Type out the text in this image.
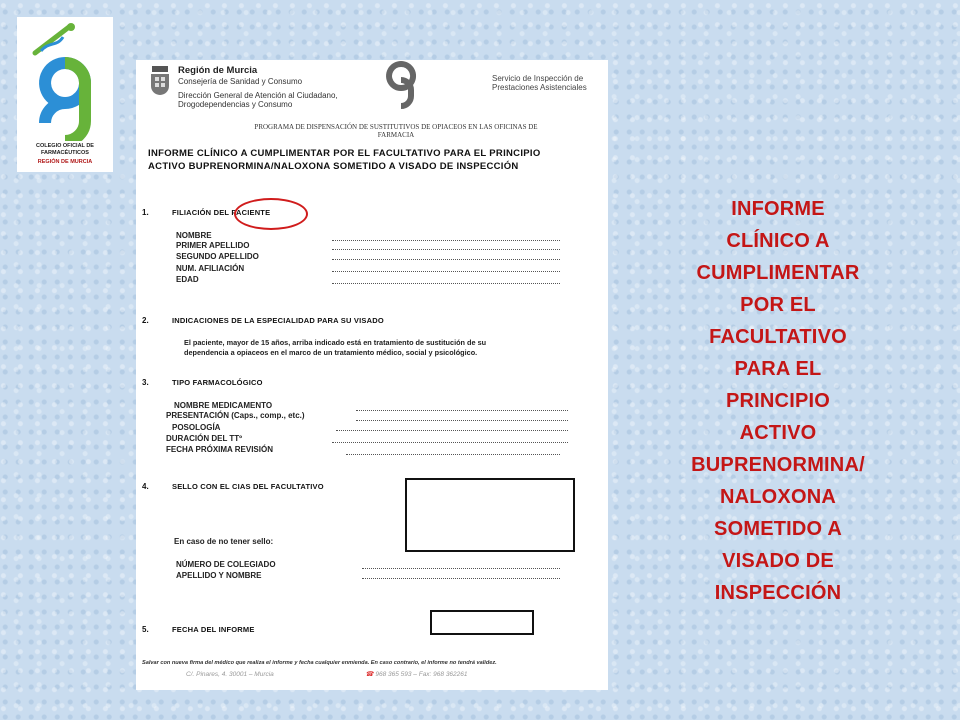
COLEGIO OFICIAL DE
FARMACÉUTICOS
REGIÓN DE MURCIA
Región de Murcia
Consejería de Sanidad y Consumo
Dirección General de Atención al Ciudadano,
Drogodependencias y Consumo
Servicio de Inspección de
Prestaciones Asistenciales
PROGRAMA DE DISPENSACIÓN DE SUSTITUTIVOS DE OPIACEOS EN LAS OFICINAS DE
FARMACIA
INFORME CLÍNICO A CUMPLIMENTAR POR EL FACULTATIVO PARA EL PRINCIPIO
ACTIVO BUPRENORMINA/NALOXONA SOMETIDO A VISADO DE INSPECCIÓN
1.	FILIACIÓN DEL PACIENTE
NOMBRE
PRIMER APELLIDO
SEGUNDO APELLIDO
NUM. AFILIACIÓN
EDAD
2.	INDICACIONES DE LA ESPECIALIDAD PARA SU VISADO
El paciente, mayor de 15 años, arriba indicado está en tratamiento de sustitución de su
dependencia a opiaceos en el marco de un tratamiento médico, social y psicológico.
3.	TIPO FARMACOLÓGICO
NOMBRE MEDICAMENTO
PRESENTACIÓN (Caps., comp., etc.)
POSOLOGÍA
DURACIÓN DEL TTº
FECHA PRÓXIMA REVISIÓN
4.	SELLO CON EL CIAS DEL FACULTATIVO
En caso de no tener sello:
NÚMERO DE COLEGIADO
APELLIDO Y NOMBRE
5.	FECHA DEL INFORME
Salvar con nueva firma del médico que realiza el informe y fecha cualquier enmienda. En caso contrario, el informe no tendrá validez.
C/. Pinares, 4. 30001 – Murcia	☎ 968 365 593 – Fax: 968 362261
INFORME
CLÍNICO A
CUMPLIMENTAR
POR EL
FACULTATIVO
PARA EL
PRINCIPIO
ACTIVO
BUPRENORMINA/
NALOXONA
SOMETIDO A
VISADO DE
INSPECCIÓN
